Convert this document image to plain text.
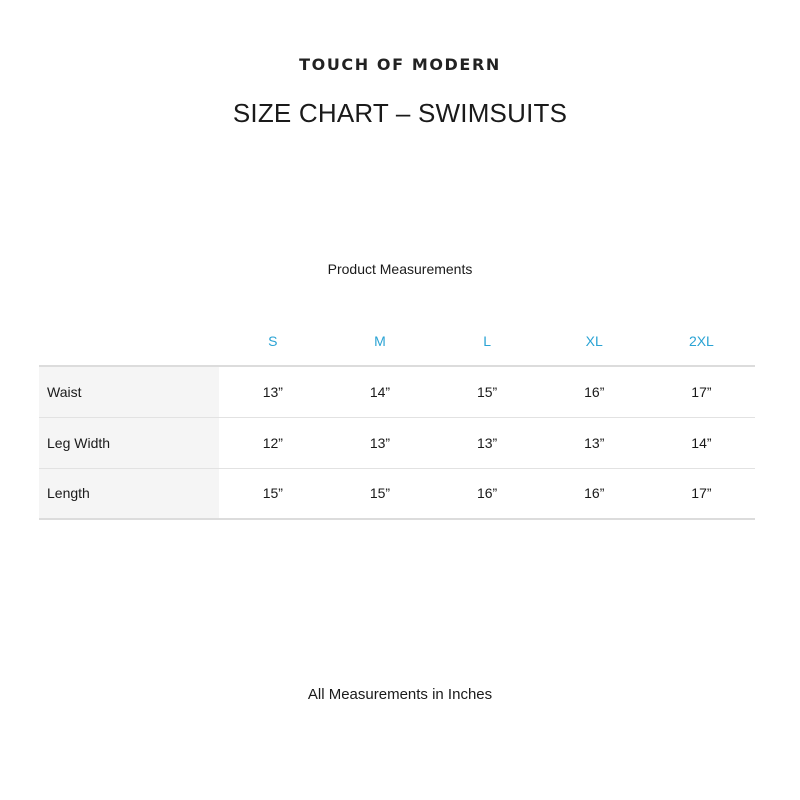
TOUCH OF MODERN
SIZE CHART – SWIMSUITS
Product Measurements
	S	M	L	XL	2XL
Waist	13”	14”	15”	16”	17”
Leg Width	12”	13”	13”	13”	14”
Length	15”	15”	16”	16”	17”
All Measurements in Inches
